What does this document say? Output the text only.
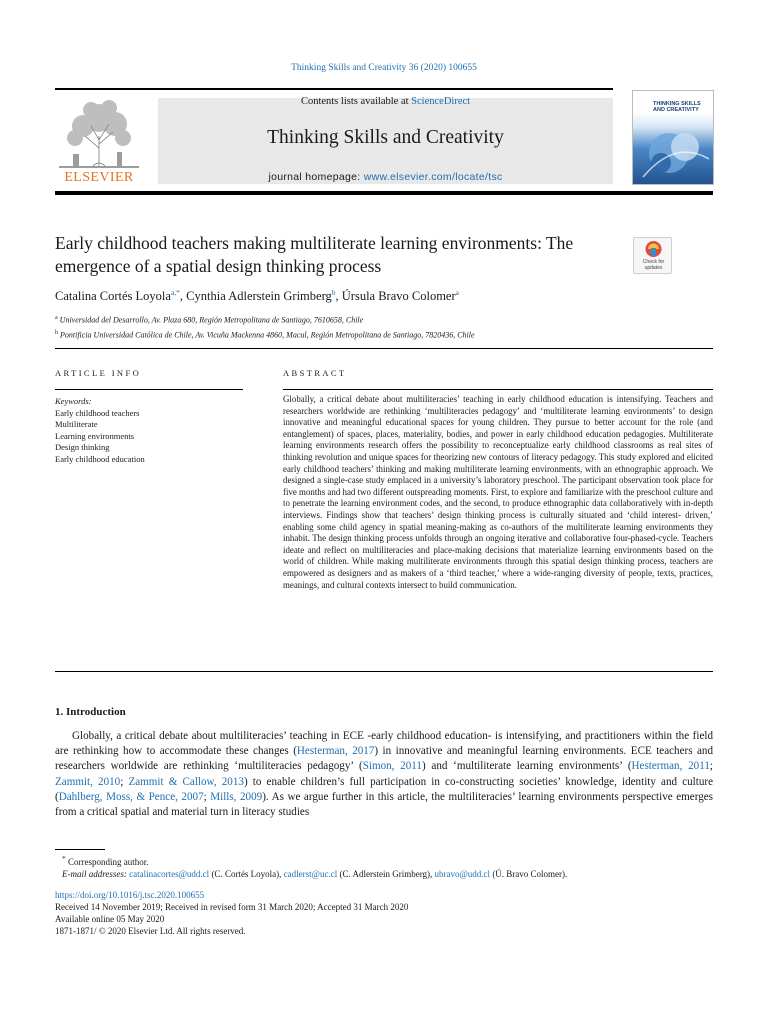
Thinking Skills and Creativity 36 (2020) 100655
Contents lists available at ScienceDirect
Thinking Skills and Creativity
journal homepage: www.elsevier.com/locate/tsc
ELSEVIER
THINKING SKILLS AND CREATIVITY
Early childhood teachers making multiliterate learning environments: The emergence of a spatial design thinking process	Check for updates
Catalina Cortés Loyola$^{a,*}$, Cynthia Adlerstein Grimberg$^b$, Úrsula Bravo Colomer$^a$
$^a$ Universidad del Desarrollo, Av. Plaza 680, Región Metropolitana de Santiago, 7610658, Chile
$^b$ Pontificia Universidad Católica de Chile, Av. Vicuña Mackenna 4860, Macul, Región Metropolitana de Santiago, 7820436, Chile
ARTICLE INFO	ABSTRACT
Keywords:
Early childhood teachers
Multiliterate
Learning environments
Design thinking
Early childhood education
Globally, a critical debate about multiliteracies’ teaching in early childhood education is intensifying. Teachers and researchers worldwide are rethinking ‘multiliteracies pedagogy’ and ‘multiliterate learning environments’ to design innovative and meaningful educational spaces for young children. They pursue to better account for the role (and entanglement) of spaces, places, materiality, bodies, and power in early childhood education pedagogies. Multiliterate learning environments research offers the possibility to reconceptualize early childhood classrooms as real sites of thinking revolution and unique spaces for theorizing new contours of literacy pedagogy. This study explored and elicited early childhood teachers’ thinking and making multiliterate learning environments, with an ethnographic approach. We designed a single-case study emplaced in a university’s laboratory preschool. The participant observation took place for five months and had two different outspreading moments. First, to explore and familiarize with the preschool culture and to penetrate the learning environment codes, and the second, to produce ethnographic data collaboratively with in-depth interviews. Findings show that teachers’ design thinking process is culturally situated and ‘child interest- driven,’ enabling some child agency in spatial meaning-making as co-authors of the multiliterate learning environments they inhabit. The design thinking process unfolds through an ongoing iterative and collaborative four-phased-cycle. Teachers ideate and reflect on multiliteracies and place-making decisions that materialize learning environments based on the world of children. While making multiliterate environments through this spatial design thinking process, teachers are empowered as designers and as makers of a ‘third teacher,’ where a wide-ranging diversity of people, texts, practices, meanings, and cultural contexts intersect to build communication.
1. Introduction
Globally, a critical debate about multiliteracies’ teaching in ECE -early childhood education- is intensifying, and practitioners within the field are rethinking how to accommodate these changes (Hesterman, 2017) in innovative and meaningful learning environments. ECE teachers and researchers worldwide are rethinking ‘multiliteracies pedagogy’ (Simon, 2011) and ‘multiliterate learning environments’ (Hesterman, 2011; Zammit, 2010; Zammit & Callow, 2013) to enable children’s full participation in co-constructing societies’ knowledge, identity and culture (Dahlberg, Moss, & Pence, 2007; Mills, 2009). As we argue further in this article, the multiliteracies’ learning environments perspective emerges from a critical spatial and material turn in literacy studies
* Corresponding author.
E-mail addresses: catalinacortes@udd.cl (C. Cortés Loyola), cadlerst@uc.cl (C. Adlerstein Grimberg), ubravo@udd.cl (Ú. Bravo Colomer).
https://doi.org/10.1016/j.tsc.2020.100655
Received 14 November 2019; Received in revised form 31 March 2020; Accepted 31 March 2020
Available online 05 May 2020
1871-1871/ © 2020 Elsevier Ltd. All rights reserved.
